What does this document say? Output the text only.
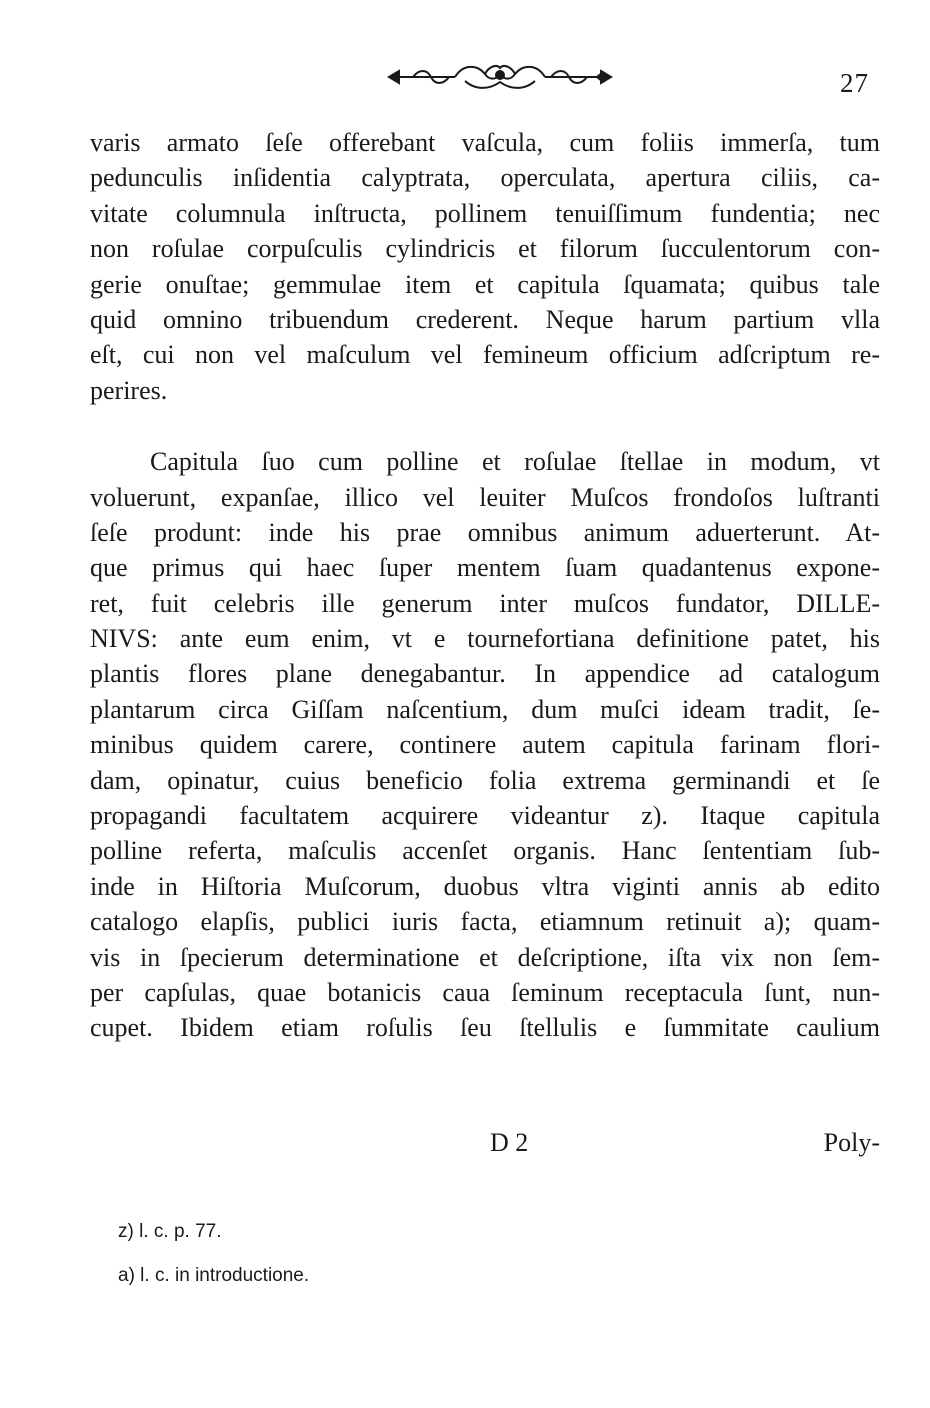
27
varis armato ſeſe offerebant vaſcula, cum foliis immerſa, tum
pedunculis inſidentia calyptrata, operculata, apertura ciliis, ca-
vitate columnula inſtructa, pollinem tenuiſſimum fundentia; nec
non roſulae corpuſculis cylindricis et filorum ſucculentorum con-
gerie onuſtae; gemmulae item et capitula ſquamata; quibus tale
quid omnino tribuendum crederent. Neque harum partium vlla
eſt, cui non vel maſculum vel femineum officium adſcriptum re-
perires.
Capitula ſuo cum polline et roſulae ſtellae in modum, vt
voluerunt, expanſae, illico vel leuiter Muſcos frondoſos luſtranti
ſeſe produnt: inde his prae omnibus animum aduerterunt. At-
que primus qui haec ſuper mentem ſuam quadantenus expone-
ret, fuit celebris ille generum inter muſcos fundator, DILLE-
NIVS: ante eum enim, vt e tournefortiana definitione patet, his
plantis flores plane denegabantur. In appendice ad catalogum
plantarum circa Giſſam naſcentium, dum muſci ideam tradit, ſe-
minibus quidem carere, continere autem capitula farinam flori-
dam, opinatur, cuius beneficio folia extrema germinandi et ſe
propagandi facultatem acquirere videantur z). Itaque capitula
polline referta, maſculis accenſet organis. Hanc ſententiam ſub-
inde in Hiſtoria Muſcorum, duobus vltra viginti annis ab edito
catalogo elapſis, publici iuris facta, etiamnum retinuit a); quam-
vis in ſpecierum determinatione et deſcriptione, iſta vix non ſem-
per capſulas, quae botanicis caua ſeminum receptacula ſunt, nun-
cupet. Ibidem etiam roſulis ſeu ſtellulis e ſummitate caulium
D 2	Poly-
z) l. c. p. 77.
a) l. c. in introductione.
